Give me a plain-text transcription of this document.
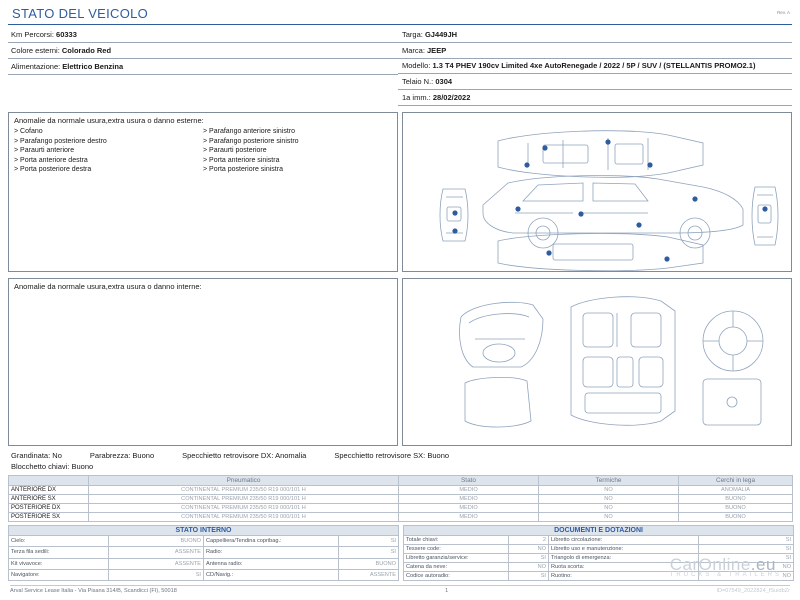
Rev. A
STATO DEL VEICOLO
Km Percorsi: 60333
Colore esterni: Colorado Red
Alimentazione: Elettrico Benzina
Targa: GJ449JH
Marca: JEEP
Modello: 1.3 T4 PHEV 190cv Limited 4xe AutoRenegade / 2022 / 5P / SUV / (STELLANTIS PROMO2.1)
Telaio N.: 0304
1a imm.: 28/02/2022
Anomalie da normale usura,extra usura o danno esterne:
> Cofano
> Parafango posteriore destro
> Paraurti anteriore
> Porta anteriore destra
> Porta posteriore destra
> Parafango anteriore sinistro
> Parafango posteriore sinistro
> Paraurti posteriore
> Porta anteriore sinistra
> Porta posteriore sinistra
Anomalie da normale usura,extra usura o danno interne:
Grandinata: No	Parabrezza: Buono	Specchietto retrovisore DX: Anomalia	Specchietto retrovisore SX: Buono
Blocchetto chiavi: Buono
	Pneumatico	Stato	Termiche	Cerchi in lega
ANTERIORE DX	CONTINENTAL PREMIUM 235/50 R19 000/101 H	MEDIO	NO	ANOMALIA
ANTERIORE SX	CONTINENTAL PREMIUM 235/50 R19 000/101 H	MEDIO	NO	BUONO
POSTERIORE DX	CONTINENTAL PREMIUM 235/50 R19 000/101 H	MEDIO	NO	BUONO
POSTERIORE SX	CONTINENTAL PREMIUM 235/50 R19 000/101 H	MEDIO	NO	BUONO
STATO INTERNO			
Cielo:	BUONO	Cappelliera/Tendina copribag.:	SI
Terza fila sedili:	ASSENTE	Radio:	SI
Kit vivavoce:	ASSENTE	Antenna radio:	BUONO
Navigatore:	SI	CD/Navig.:	ASSENTE
DOCUMENTI E DOTAZIONI			
Totale chiavi:	2	Libretto circolazione:	SI
Tessere code:	NO	Libretto uso e manutenzione:	SI
Libretto garanzia/service:	SI	Triangolo di emergenza:	SI
Catena da neve:	NO	Ruota scorta:	NO
Codice autoradio:	SI	Ruotino:	NO
CarOnline.eu
TRUCKS & TRAILERS
Arval Service Lease Italia - Via Pisana 314/B, Scandicci (FI), 50018	1	ID=07549_2022824_fSuidbZr
